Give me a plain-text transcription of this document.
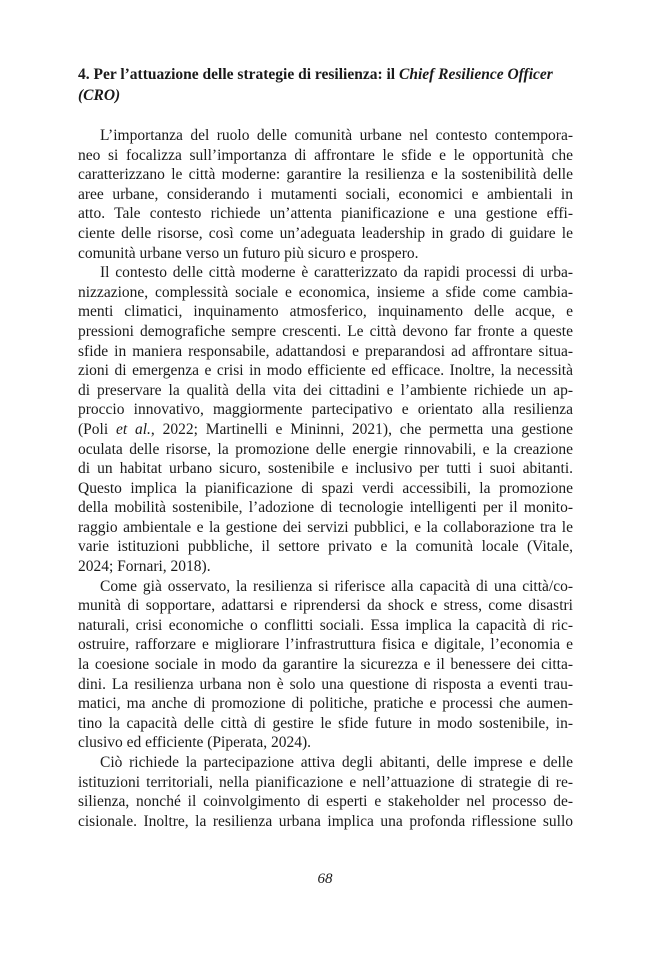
4. Per l’attuazione delle strategie di resilienza: il Chief Resilience Officer (CRO)
L’importanza del ruolo delle comunità urbane nel contesto contempora-
neo si focalizza sull’importanza di affrontare le sfide e le opportunità che
caratterizzano le città moderne: garantire la resilienza e la sostenibilità delle
aree urbane, considerando i mutamenti sociali, economici e ambientali in
atto. Tale contesto richiede un’attenta pianificazione e una gestione effi-
ciente delle risorse, così come un’adeguata leadership in grado di guidare le
comunità urbane verso un futuro più sicuro e prospero.
Il contesto delle città moderne è caratterizzato da rapidi processi di urba-
nizzazione, complessità sociale e economica, insieme a sfide come cambia-
menti climatici, inquinamento atmosferico, inquinamento delle acque, e
pressioni demografiche sempre crescenti. Le città devono far fronte a queste
sfide in maniera responsabile, adattandosi e preparandosi ad affrontare situa-
zioni di emergenza e crisi in modo efficiente ed efficace. Inoltre, la necessità
di preservare la qualità della vita dei cittadini e l’ambiente richiede un ap-
proccio innovativo, maggiormente partecipativo e orientato alla resilienza
(Poli et al., 2022; Martinelli e Mininni, 2021), che permetta una gestione
oculata delle risorse, la promozione delle energie rinnovabili, e la creazione
di un habitat urbano sicuro, sostenibile e inclusivo per tutti i suoi abitanti.
Questo implica la pianificazione di spazi verdi accessibili, la promozione
della mobilità sostenibile, l’adozione di tecnologie intelligenti per il monito-
raggio ambientale e la gestione dei servizi pubblici, e la collaborazione tra le
varie istituzioni pubbliche, il settore privato e la comunità locale (Vitale,
2024; Fornari, 2018).
Come già osservato, la resilienza si riferisce alla capacità di una città/co-
munità di sopportare, adattarsi e riprendersi da shock e stress, come disastri
naturali, crisi economiche o conflitti sociali. Essa implica la capacità di ric-
ostruire, rafforzare e migliorare l’infrastruttura fisica e digitale, l’economia e
la coesione sociale in modo da garantire la sicurezza e il benessere dei citta-
dini. La resilienza urbana non è solo una questione di risposta a eventi trau-
matici, ma anche di promozione di politiche, pratiche e processi che aumen-
tino la capacità delle città di gestire le sfide future in modo sostenibile, in-
clusivo ed efficiente (Piperata, 2024).
Ciò richiede la partecipazione attiva degli abitanti, delle imprese e delle
istituzioni territoriali, nella pianificazione e nell’attuazione di strategie di re-
silienza, nonché il coinvolgimento di esperti e stakeholder nel processo de-
cisionale. Inoltre, la resilienza urbana implica una profonda riflessione sullo
68
